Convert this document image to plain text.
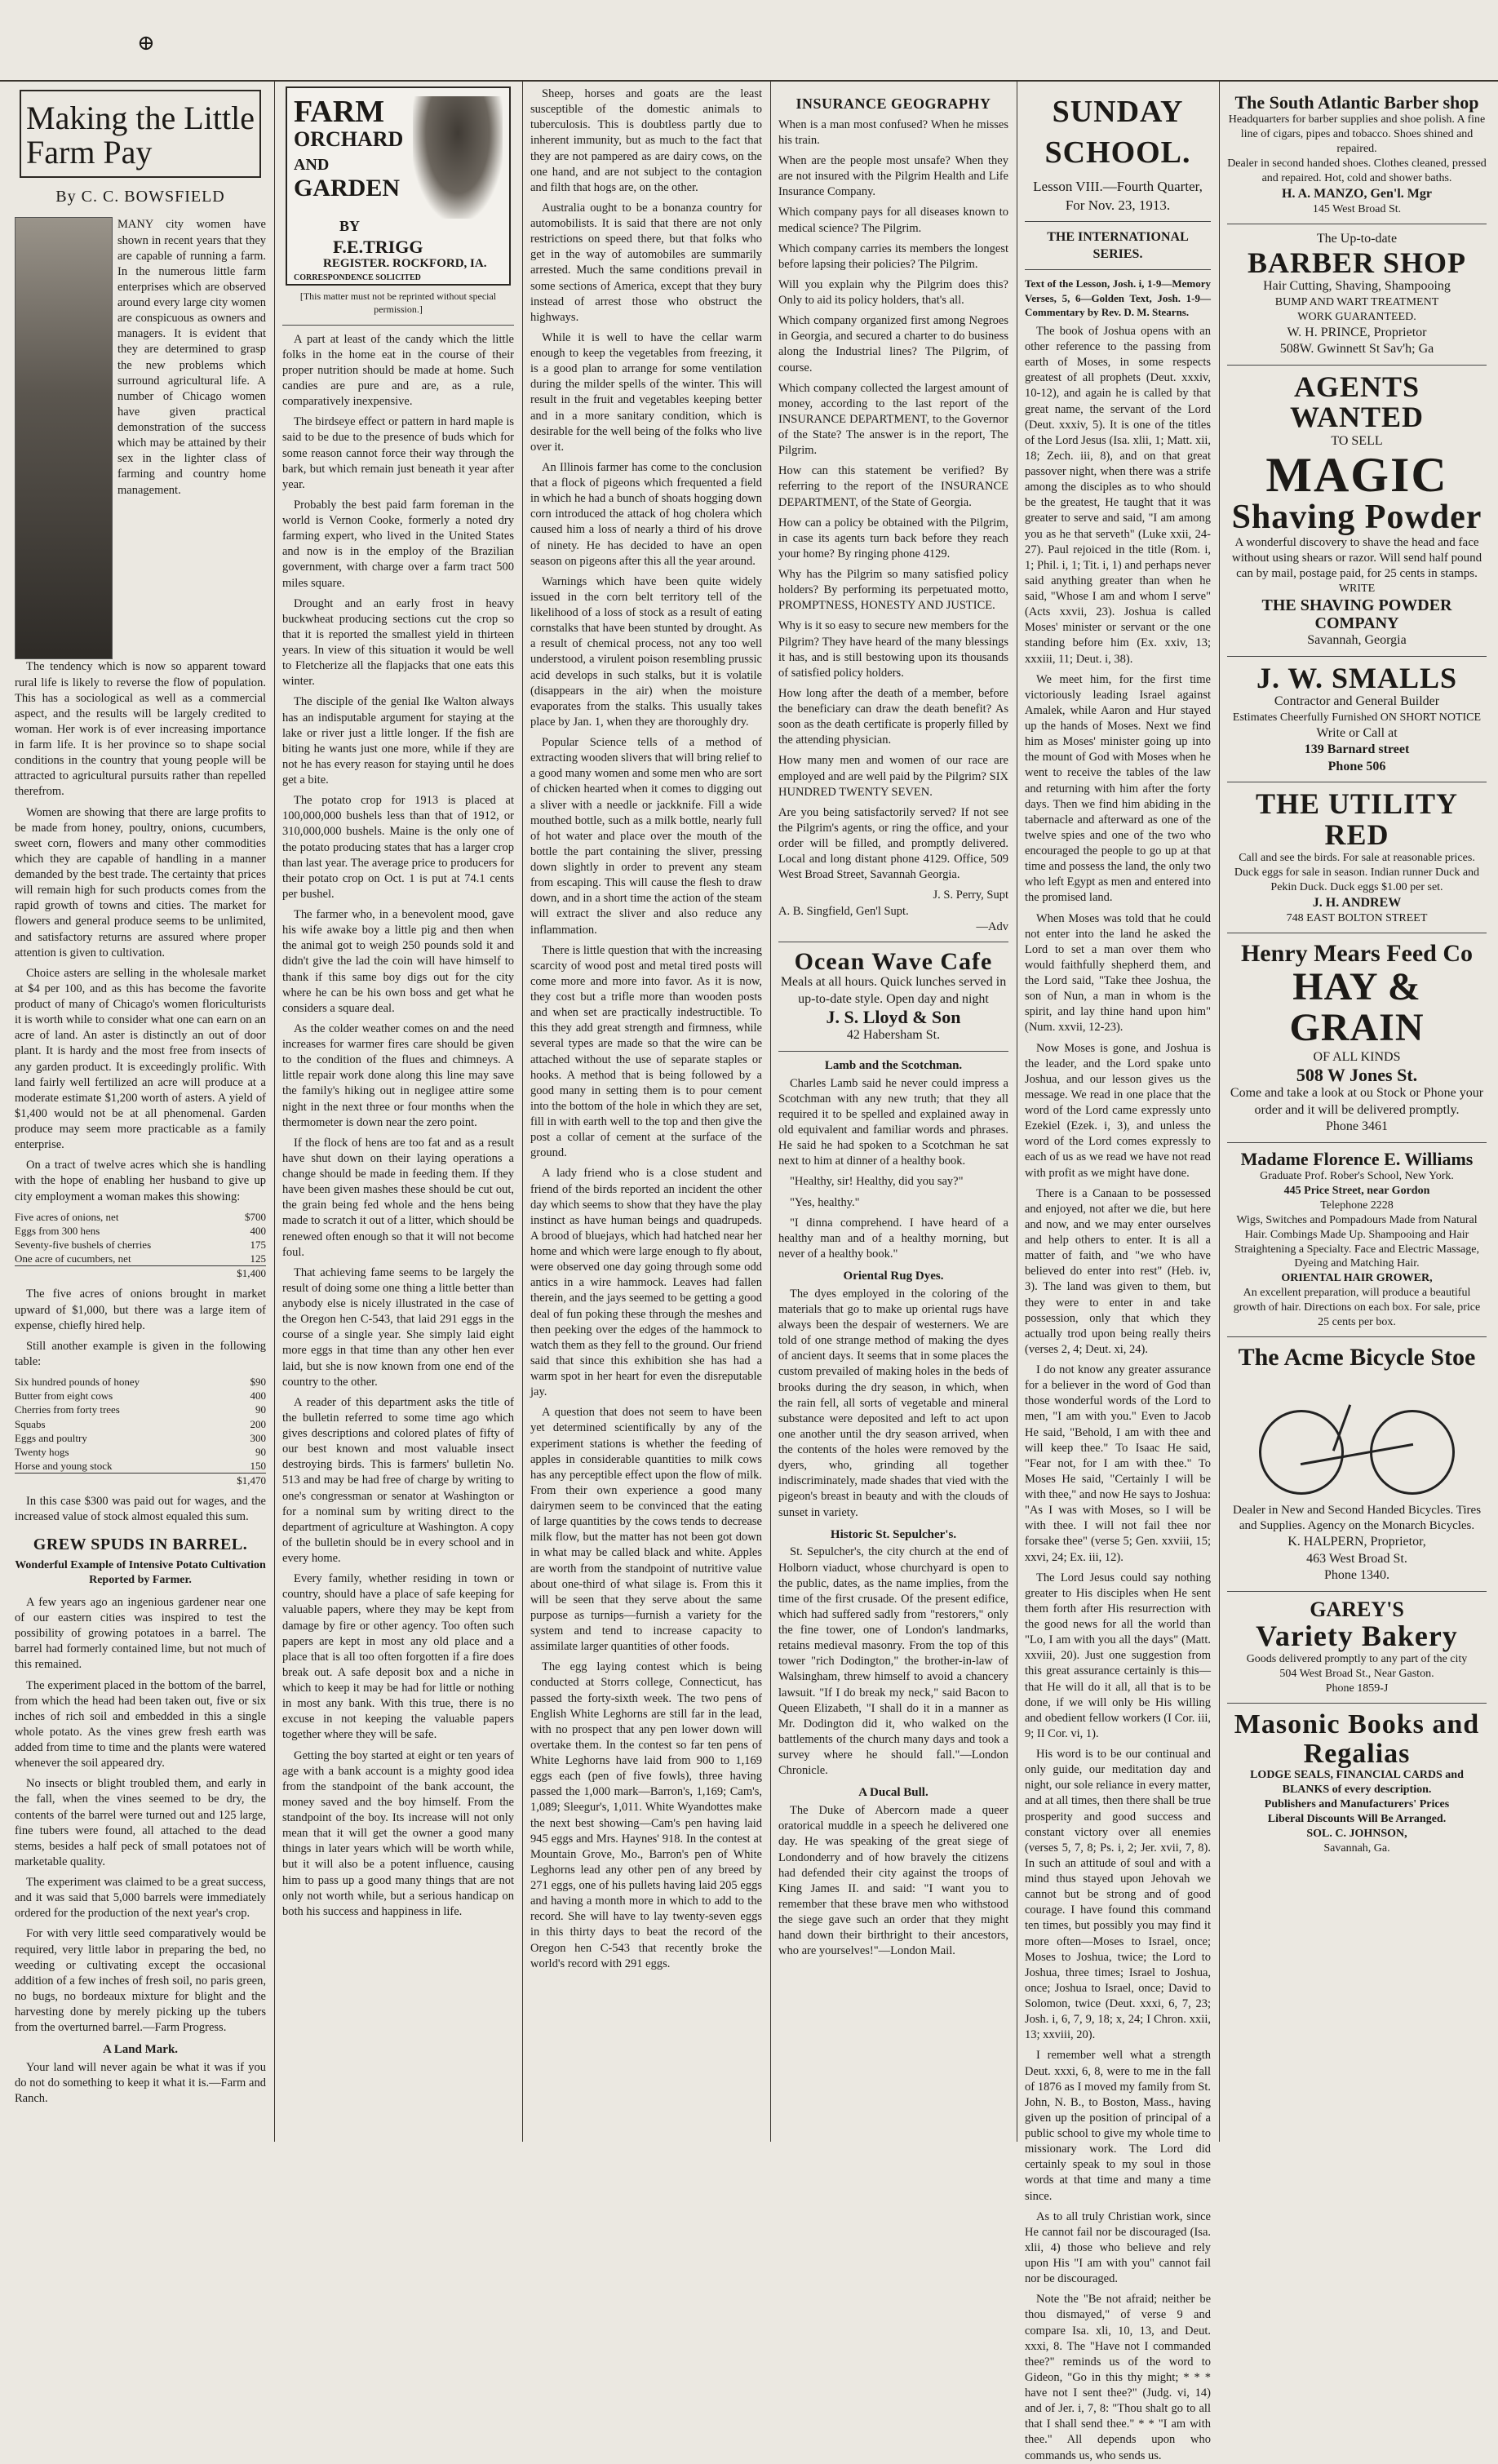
⊕
Making the Little Farm Pay
By C. C. BOWSFIELD
MANY city women have shown in recent years that they are capable of running a farm. In the numerous little farm enterprises which are observed around every large city women are conspicuous as owners and managers. It is evident that they are determined to grasp the new problems which surround agricultural life. A number of Chicago women have given practical demonstration of the success which may be attained by their sex in the lighter class of farming and country home management.

The tendency which is now so apparent toward rural life is likely to reverse the flow of population. This has a sociological as well as a commercial aspect, and the results will be largely credited to woman. Her work is of ever increasing importance in farm life. It is her province so to shape social conditions in the country that young people will be attracted to agricultural pursuits rather than repelled therefrom.

Women are showing that there are large profits to be made from honey, poultry, onions, cucumbers, sweet corn, flowers and many other commodities which they are capable of handling in a manner demanded by the best trade. The certainty that prices will remain high for such products comes from the rapid growth of towns and cities. The market for flowers and general produce seems to be unlimited, and satisfactory returns are assured where proper attention is given to cultivation.

Choice asters are selling in the wholesale market at $4 per 100, and as this has become the favorite product of many of Chicago's women floriculturists it is worth while to consider what one can earn on an acre of land. An aster is distinctly an out of door plant. It is hardy and the most free from insects of any garden product. It is exceedingly prolific. With land fairly well fertilized an acre will produce at a moderate estimate $1,200 worth of asters. A yield of $1,400 would not be at all phenomenal. Garden produce may seem more practicable as a family enterprise.

On a tract of twelve acres which she is handling with the hope of enabling her husband to give up city employment a woman makes this showing:

Five acres of onions, net	$700
Eggs from 300 hens	400
Seventy-five bushels of cherries	175
One acre of cucumbers, net	125
	$1,400

The five acres of onions brought in market upward of $1,000, but there was a large item of expense, chiefly hired help.

Still another example is given in the following table:

Six hundred pounds of honey	$90
Butter from eight cows	400
Cherries from forty trees	90
Squabs	200
Eggs and poultry	300
Twenty hogs	90
Horse and young stock	150
	$1,470

In this case $300 was paid out for wages, and the increased value of stock almost equaled this sum.

GREW SPUDS IN BARREL.
Wonderful Example of Intensive Potato Cultivation Reported by Farmer.

A few years ago an ingenious gardener near one of our eastern cities was inspired to test the possibility of growing potatoes in a barrel. The barrel had formerly contained lime, but not much of this remained.

The experiment placed in the bottom of the barrel, from which the head had been taken out, five or six inches of rich soil and embedded in this a single whole potato. As the vines grew fresh earth was added from time to time and the plants were watered whenever the soil appeared dry.

No insects or blight troubled them, and early in the fall, when the vines seemed to be dry, the contents of the barrel were turned out and 125 large, fine tubers were found, all attached to the dead stems, besides a half peck of small potatoes not of marketable quality.

The experiment was claimed to be a great success, and it was said that 5,000 barrels were immediately ordered for the production of the next year's crop.

For with very little seed comparatively would be required, very little labor in preparing the bed, no weeding or cultivating except the occasional addition of a few inches of fresh soil, no paris green, no bugs, no bordeaux mixture for blight and the harvesting done by merely picking up the tubers from the overturned barrel.—Farm Progress.

A Land Mark.

Your land will never again be what it was if you do not do something to keep it what it is.—Farm and Ranch.

FARM
ORCHARD
AND
GARDEN
BY
F.E.TRIGG
REGISTER. ROCKFORD, IA.
CORRESPONDENCE SOLICITED
[This matter must not be reprinted without special permission.]

A part at least of the candy which the little folks in the home eat in the course of their proper nutrition should be made at home. Such candies are pure and are, as a rule, comparatively inexpensive.

The birdseye effect or pattern in hard maple is said to be due to the presence of buds which for some reason cannot force their way through the bark, but which remain just beneath it year after year.

Probably the best paid farm foreman in the world is Vernon Cooke, formerly a noted dry farming expert, who lived in the United States and now is in the employ of the Brazilian government, with charge over a farm tract 500 miles square.

Drought and an early frost in heavy buckwheat producing sections cut the crop so that it is reported the smallest yield in thirteen years. In view of this situation it would be well to Fletcherize all the flapjacks that one eats this winter.

The disciple of the genial Ike Walton always has an indisputable argument for staying at the lake or river just a little longer. If the fish are biting he wants just one more, while if they are not he has every reason for staying until he does get a bite.

The potato crop for 1913 is placed at 100,000,000 bushels less than that of 1912, or 310,000,000 bushels. Maine is the only one of the potato producing states that has a larger crop than last year. The average price to producers for their potato crop on Oct. 1 is put at 74.1 cents per bushel.

The farmer who, in a benevolent mood, gave his wife awake boy a little pig and then when the animal got to weigh 250 pounds sold it and didn't give the lad the coin will have himself to thank if this same boy digs out for the city where he can be his own boss and get what he considers a square deal.

As the colder weather comes on and the need increases for warmer fires care should be given to the condition of the flues and chimneys. A little repair work done along this line may save the family's hiking out in negligee attire some night in the next three or four months when the thermometer is down near the zero point.

If the flock of hens are too fat and as a result have shut down on their laying operations a change should be made in feeding them. If they have been given mashes these should be cut out, the grain being fed whole and the hens being made to scratch it out of a litter, which should be renewed often enough so that it will not become foul.

That achieving fame seems to be largely the result of doing some one thing a little better than anybody else is nicely illustrated in the case of the Oregon hen C-543, that laid 291 eggs in the course of a single year. She simply laid eight more eggs in that time than any other hen ever laid, but she is now known from one end of the country to the other.

A reader of this department asks the title of the bulletin referred to some time ago which gives descriptions and colored plates of fifty of our best known and most valuable insect destroying birds. This is farmers' bulletin No. 513 and may be had free of charge by writing to one's congressman or senator at Washington or for a nominal sum by writing direct to the department of agriculture at Washington. A copy of the bulletin should be in every school and in every home.

Every family, whether residing in town or country, should have a place of safe keeping for valuable papers, where they may be kept from damage by fire or other agency. Too often such papers are kept in most any old place and a place that is all too often forgotten if a fire does break out. A safe deposit box and a niche in which to keep it may be had for little or nothing in most any bank. With this true, there is no excuse in not keeping the valuable papers together where they will be safe.

Getting the boy started at eight or ten years of age with a bank account is a mighty good idea from the standpoint of the bank account, the money saved and the boy himself. From the standpoint of the boy. Its increase will not only mean that it will get the owner a good many things in later years which will be worth while, but it will also be a potent influence, causing him to pass up a good many things that are not only not worth while, but a serious handicap on both his success and happiness in life.

Sheep, horses and goats are the least susceptible of the domestic animals to tuberculosis. This is doubtless partly due to inherent immunity, but as much to the fact that they are not pampered as are dairy cows, on the one hand, and are not subject to the contagion and filth that hogs are, on the other.

Australia ought to be a bonanza country for automobilists. It is said that there are not only restrictions on speed there, but that folks who get in the way of automobiles are summarily arrested. Much the same conditions prevail in some sections of America, except that they bury instead of arrest those who obstruct the highways.

While it is well to have the cellar warm enough to keep the vegetables from freezing, it is a good plan to arrange for some ventilation during the milder spells of the winter. This will result in the fruit and vegetables keeping better and in a more sanitary condition, which is desirable for the well being of the folks who live over it.

An Illinois farmer has come to the conclusion that a flock of pigeons which frequented a field in which he had a bunch of shoats hogging down corn introduced the attack of hog cholera which caused him a loss of nearly a third of his drove of ninety. He has decided to have an open season on pigeons after this all the year around.

Warnings which have been quite widely issued in the corn belt territory tell of the likelihood of a loss of stock as a result of eating cornstalks that have been stunted by drought. As a result of chemical process, not any too well understood, a virulent poison resembling prussic acid develops in such stalks, but it is volatile (disappears in the air) when the moisture evaporates from the stalks. This usually takes place by Jan. 1, when they are thoroughly dry.

Popular Science tells of a method of extracting wooden slivers that will bring relief to a good many women and some men who are sort of chicken hearted when it comes to digging out a sliver with a needle or jackknife. Fill a wide mouthed bottle, such as a milk bottle, nearly full of hot water and place over the mouth of the bottle the part containing the sliver, pressing down slightly in order to prevent any steam from escaping. This will cause the flesh to draw down, and in a short time the action of the steam will extract the sliver and also reduce any inflammation.

There is little question that with the increasing scarcity of wood post and metal tired posts will come more and more into favor. As it is now, they cost but a trifle more than wooden posts and when set are practically indestructible. To this they add great strength and firmness, while several types are made so that the wire can be attached without the use of separate staples or hooks. A method that is being followed by a good many in setting them is to pour cement into the bottom of the hole in which they are set, fill in with earth well to the top and then give the post a collar of cement at the surface of the ground.

A lady friend who is a close student and friend of the birds reported an incident the other day which seems to show that they have the play instinct as have human beings and quadrupeds. A brood of bluejays, which had hatched near her home and which were large enough to fly about, were observed one day going through some odd antics in a wire hammock. Leaves had fallen therein, and the jays seemed to be getting a good deal of fun poking these through the meshes and then peeking over the edges of the hammock to watch them as they fell to the ground. Our friend said that since this exhibition she has had a warm spot in her heart for even the disreputable jay.

A question that does not seem to have been yet determined scientifically by any of the experiment stations is whether the feeding of apples in considerable quantities to milk cows has any perceptible effect upon the flow of milk. From their own experience a good many dairymen seem to be convinced that the eating of large quantities by the cows tends to decrease milk flow, but the matter has not been got down in what may be called black and white. Apples are worth from the standpoint of nutritive value about one-third of what silage is. From this it will be seen that they serve about the same purpose as turnips—furnish a variety for the system and tend to increase capacity to assimilate larger quantities of other foods.

The egg laying contest which is being conducted at Storrs college, Connecticut, has passed the forty-sixth week. The two pens of English White Leghorns are still far in the lead, with no prospect that any pen lower down will overtake them. In the contest so far ten pens of White Leghorns have laid from 900 to 1,169 eggs each (pen of five fowls), three having passed the 1,000 mark—Barron's, 1,169; Cam's, 1,089; Sleegur's, 1,011. White Wyandottes make the next best showing—Cam's pen having laid 945 eggs and Mrs. Haynes' 918. In the contest at Mountain Grove, Mo., Barron's pen of White Leghorns lead any other pen of any breed by 271 eggs, one of his pullets having laid 205 eggs and having a month more in which to add to the record. She will have to lay twenty-seven eggs in this thirty days to beat the record of the Oregon hen C-543 that recently broke the world's record with 291 eggs.

INSURANCE GEOGRAPHY

When is a man most confused? When he misses his train.

When are the people most unsafe? When they are not insured with the Pilgrim Health and Life Insurance Company.

Which company pays for all diseases known to medical science? The Pilgrim.

Which company carries its members the longest before lapsing their policies? The Pilgrim.

Will you explain why the Pilgrim does this? Only to aid its policy holders, that's all.

Which company organized first among Negroes in Georgia, and secured a charter to do business along the Industrial lines? The Pilgrim, of course.

Which company collected the largest amount of money, according to the last report of the INSURANCE DEPARTMENT, to the Governor of the State? The answer is in the report, The Pilgrim.

How can this statement be verified? By referring to the report of the INSURANCE DEPARTMENT, of the State of Georgia.

How can a policy be obtained with the Pilgrim, in case its agents turn back before they reach your home? By ringing phone 4129.

Why has the Pilgrim so many satisfied policy holders? By performing its perpetuated motto, PROMPTNESS, HONESTY AND JUSTICE.

Why is it so easy to secure new members for the Pilgrim? They have heard of the many blessings it has, and is still bestowing upon its thousands of satisfied policy holders.

How long after the death of a member, before the beneficiary can draw the death benefit? As soon as the death certificate is properly filled by the attending physician.

How many men and women of our race are employed and are well paid by the Pilgrim? SIX HUNDRED TWENTY SEVEN.

Are you being satisfactorily served? If not see the Pilgrim's agents, or ring the office, and your order will be filled, and promptly delivered. Local and long distant phone 4129. Office, 509 West Broad Street, Savannah Georgia.

J. S. Perry, Supt
A. B. Singfield, Gen'l Supt.
—Adv
Ocean Wave Cafe
Meals at all hours. Quick lunches served in up-to-date style. Open day and night
J. S. Lloyd & Son
42 Habersham St.
Lamb and the Scotchman.

Charles Lamb said he never could impress a Scotchman with any new truth; that they all required it to be spelled and explained away in old equivalent and familiar words and phrases. He said he had spoken to a Scotchman he sat next to him at dinner of a healthy book.

"Healthy, sir! Healthy, did you say?"

"Yes, healthy."

"I dinna comprehend. I have heard of a healthy man and of a healthy morning, but never of a healthy book."

Oriental Rug Dyes.

The dyes employed in the coloring of the materials that go to make up oriental rugs have always been the despair of westerners. We are told of one strange method of making the dyes of ancient days. It seems that in some places the custom prevailed of making holes in the beds of brooks during the dry season, in which, when the rain fell, all sorts of vegetable and mineral substance were deposited and left to act upon one another until the dry season arrived, when the contents of the holes were removed by the dyers, who, grinding all together indiscriminately, made shades that vied with the pigeon's breast in beauty and with the clouds of sunset in variety.

Historic St. Sepulcher's.

St. Sepulcher's, the city church at the end of Holborn viaduct, whose churchyard is open to the public, dates, as the name implies, from the time of the first crusade. Of the present edifice, which had suffered sadly from "restorers," only the fine tower, one of London's landmarks, retains medieval masonry. From the top of this tower "rich Dodington," the brother-in-law of Walsingham, threw himself to avoid a chancery lawsuit. "If I do break my neck," said Bacon to Queen Elizabeth, "I shall do it in a manner as Mr. Dodington did it, who walked on the battlements of the church many days and took a survey where he should fall."—London Chronicle.

A Ducal Bull.

The Duke of Abercorn made a queer oratorical muddle in a speech he delivered one day. He was speaking of the great siege of Londonderry and of how bravely the citizens had defended their city against the troops of King James II. and said: "I want you to remember that these brave men who withstood the siege gave such an order that they might hand down their birthright to their ancestors, who are yourselves!"—London Mail.

SUNDAY SCHOOL.
Lesson VIII.—Fourth Quarter, For Nov. 23, 1913.
THE INTERNATIONAL SERIES.

Text of the Lesson, Josh. i, 1-9—Memory Verses, 5, 6—Golden Text, Josh. 1-9—Commentary by Rev. D. M. Stearns.

The book of Joshua opens with an other reference to the passing from earth of Moses, in some respects greatest of all prophets (Deut. xxxiv, 10-12), and again he is called by that great name, the servant of the Lord (Deut. xxxiv, 5). It is one of the titles of the Lord Jesus (Isa. xlii, 1; Matt. xii, 18; Zech. iii, 8), and on that great passover night, when there was a strife among the disciples as to who should be the greatest, He taught that it was greater to serve and said, "I am among you as he that serveth" (Luke xxii, 24-27). Paul rejoiced in the title (Rom. i, 1; Phil. i, 1; Tit. i, 1) and perhaps never said anything greater than when he said, "Whose I am and whom I serve" (Acts xxvii, 23). Joshua is called Moses' minister or servant or the one standing before him (Ex. xxiv, 13; xxxiii, 11; Deut. i, 38).

We meet him, for the first time victoriously leading Israel against Amalek, while Aaron and Hur stayed up the hands of Moses. Next we find him as Moses' minister going up into the mount of God with Moses when he went to receive the tables of the law and returning with him after the forty days. Then we find him abiding in the tabernacle and afterward as one of the twelve spies and one of the two who encouraged the people to go up at that time and possess the land, the only two who left Egypt as men and entered into the promised land.

When Moses was told that he could not enter into the land he asked the Lord to set a man over them who would faithfully shepherd them, and the Lord said, "Take thee Joshua, the son of Nun, a man in whom is the spirit, and lay thine hand upon him" (Num. xxvii, 12-23).

Now Moses is gone, and Joshua is the leader, and the Lord spake unto Joshua, and our lesson gives us the message. We read in one place that the word of the Lord came expressly unto Ezekiel (Ezek. i, 3), and unless the word of the Lord comes expressly to each of us as we read we have not read with profit as we might have done.

There is a Canaan to be possessed and enjoyed, not after we die, but here and now, and we may enter ourselves and help others to enter. It is all a matter of faith, and "we who have believed do enter into rest" (Heb. iv, 3). The land was given to them, but they were to enter in and take possession, only that which they actually trod upon being really theirs (verses 2, 4; Deut. xi, 24).

I do not know any greater assurance for a believer in the word of God than those wonderful words of the Lord to men, "I am with you." Even to Jacob He said, "Behold, I am with thee and will keep thee." To Isaac He said, "Fear not, for I am with thee." To Moses He said, "Certainly I will be with thee," and now He says to Joshua: "As I was with Moses, so I will be with thee. I will not fail thee nor forsake thee" (verse 5; Gen. xxviii, 15; xxvi, 24; Ex. iii, 12).

The Lord Jesus could say nothing greater to His disciples when He sent them forth after His resurrection with the good news for all the world than "Lo, I am with you all the days" (Matt. xxviii, 20). Just one suggestion from this great assurance certainly is this—that He will do it all, all that is to be done, if we will only be His willing and obedient fellow workers (I Cor. iii, 9; II Cor. vi, 1).

His word is to be our continual and only guide, our meditation day and night, our sole reliance in every matter, and at all times, then there shall be true prosperity and good success and constant victory over all enemies (verses 5, 7, 8; Ps. i, 2; Jer. xvii, 7, 8). In such an attitude of soul and with a mind thus stayed upon Jehovah we cannot but be strong and of good courage. I have found this command ten times, but possibly you may find it more often—Moses to Israel, once; Moses to Joshua, twice; the Lord to Joshua, three times; Israel to Joshua, once; Joshua to Israel, once; David to Solomon, twice (Deut. xxxi, 6, 7, 23; Josh. i, 6, 7, 9, 18; x, 24; I Chron. xxii, 13; xxviii, 20).

I remember well what a strength Deut. xxxi, 6, 8, were to me in the fall of 1876 as I moved my family from St. John, N. B., to Boston, Mass., having given up the position of principal of a public school to give my whole time to missionary work. The Lord did certainly speak to my soul in those words at that time and many a time since.

As to all truly Christian work, since He cannot fail nor be discouraged (Isa. xlii, 4) those who believe and rely upon His "I am with you" cannot fail nor be discouraged.

Note the "Be not afraid; neither be thou dismayed," of verse 9 and compare Isa. xli, 10, 13, and Deut. xxxi, 8. The "Have not I commanded thee?" reminds us of the word to Gideon, "Go in this thy might; * * * have not I sent thee?" (Judg. vi, 14) and of Jer. i, 7, 8: "Thou shalt go to all that I shall send thee." * * "I am with thee." All depends upon who commands us, who sends us.

The South Atlantic Barber shop
Headquarters for barber supplies and shoe polish. A fine line of cigars, pipes and tobacco. Shoes shined and repaired.
Dealer in second handed shoes. Clothes cleaned, pressed and repaired. Hot, cold and shower baths.
H. A. MANZO, Gen'l. Mgr
145 West Broad St.
The Up-to-date
BARBER SHOP
Hair Cutting, Shaving, Shampooing
BUMP AND WART TREATMENT
WORK GUARANTEED.
W. H. PRINCE, Proprietor
508W. Gwinnett St Sav'h; Ga
AGENTS WANTED
TO SELL
MAGIC
Shaving Powder
A wonderful discovery to shave the head and face without using shears or razor. Will send half pound can by mail, postage paid, for 25 cents in stamps.
WRITE
THE SHAVING POWDER COMPANY
Savannah, Georgia
J. W. SMALLS
Contractor and General Builder
Estimates Cheerfully Furnished ON SHORT NOTICE
Write or Call at
139 Barnard street
Phone 506
THE UTILITY RED
Call and see the birds. For sale at reasonable prices. Duck eggs for sale in season. Indian runner Duck and Pekin Duck. Duck eggs $1.00 per set.
J. H. ANDREW
748 EAST BOLTON STREET
Henry Mears Feed Co
HAY & GRAIN
OF ALL KINDS
508 W Jones St.
Come and take a look at ou Stock or Phone your order and it will be delivered promptly.
Phone 3461
Madame Florence E. Williams
Graduate Prof. Rober's School, New York.
445 Price Street, near Gordon
Telephone 2228
Wigs, Switches and Pompadours Made from Natural Hair. Combings Made Up. Shampooing and Hair Straightening a Specialty. Face and Electric Massage, Dyeing and Matching Hair.
ORIENTAL HAIR GROWER,
An excellent preparation, will produce a beautiful growth of hair. Directions on each box. For sale, price 25 cents per box.
The Acme Bicycle Stoe
Dealer in New and Second Handed Bicycles. Tires and Supplies. Agency on the Monarch Bicycles.
K. HALPERN, Proprietor,
463 West Broad St.
Phone 1340.
GAREY'S
Variety Bakery
Goods delivered promptly to any part of the city
504 West Broad St., Near Gaston.
Phone 1859-J
Masonic Books and Regalias
LODGE SEALS, FINANCIAL CARDS and BLANKS of every description.
Publishers and Manufacturers' Prices
Liberal Discounts Will Be Arranged.
SOL. C. JOHNSON,
Savannah, Ga.
